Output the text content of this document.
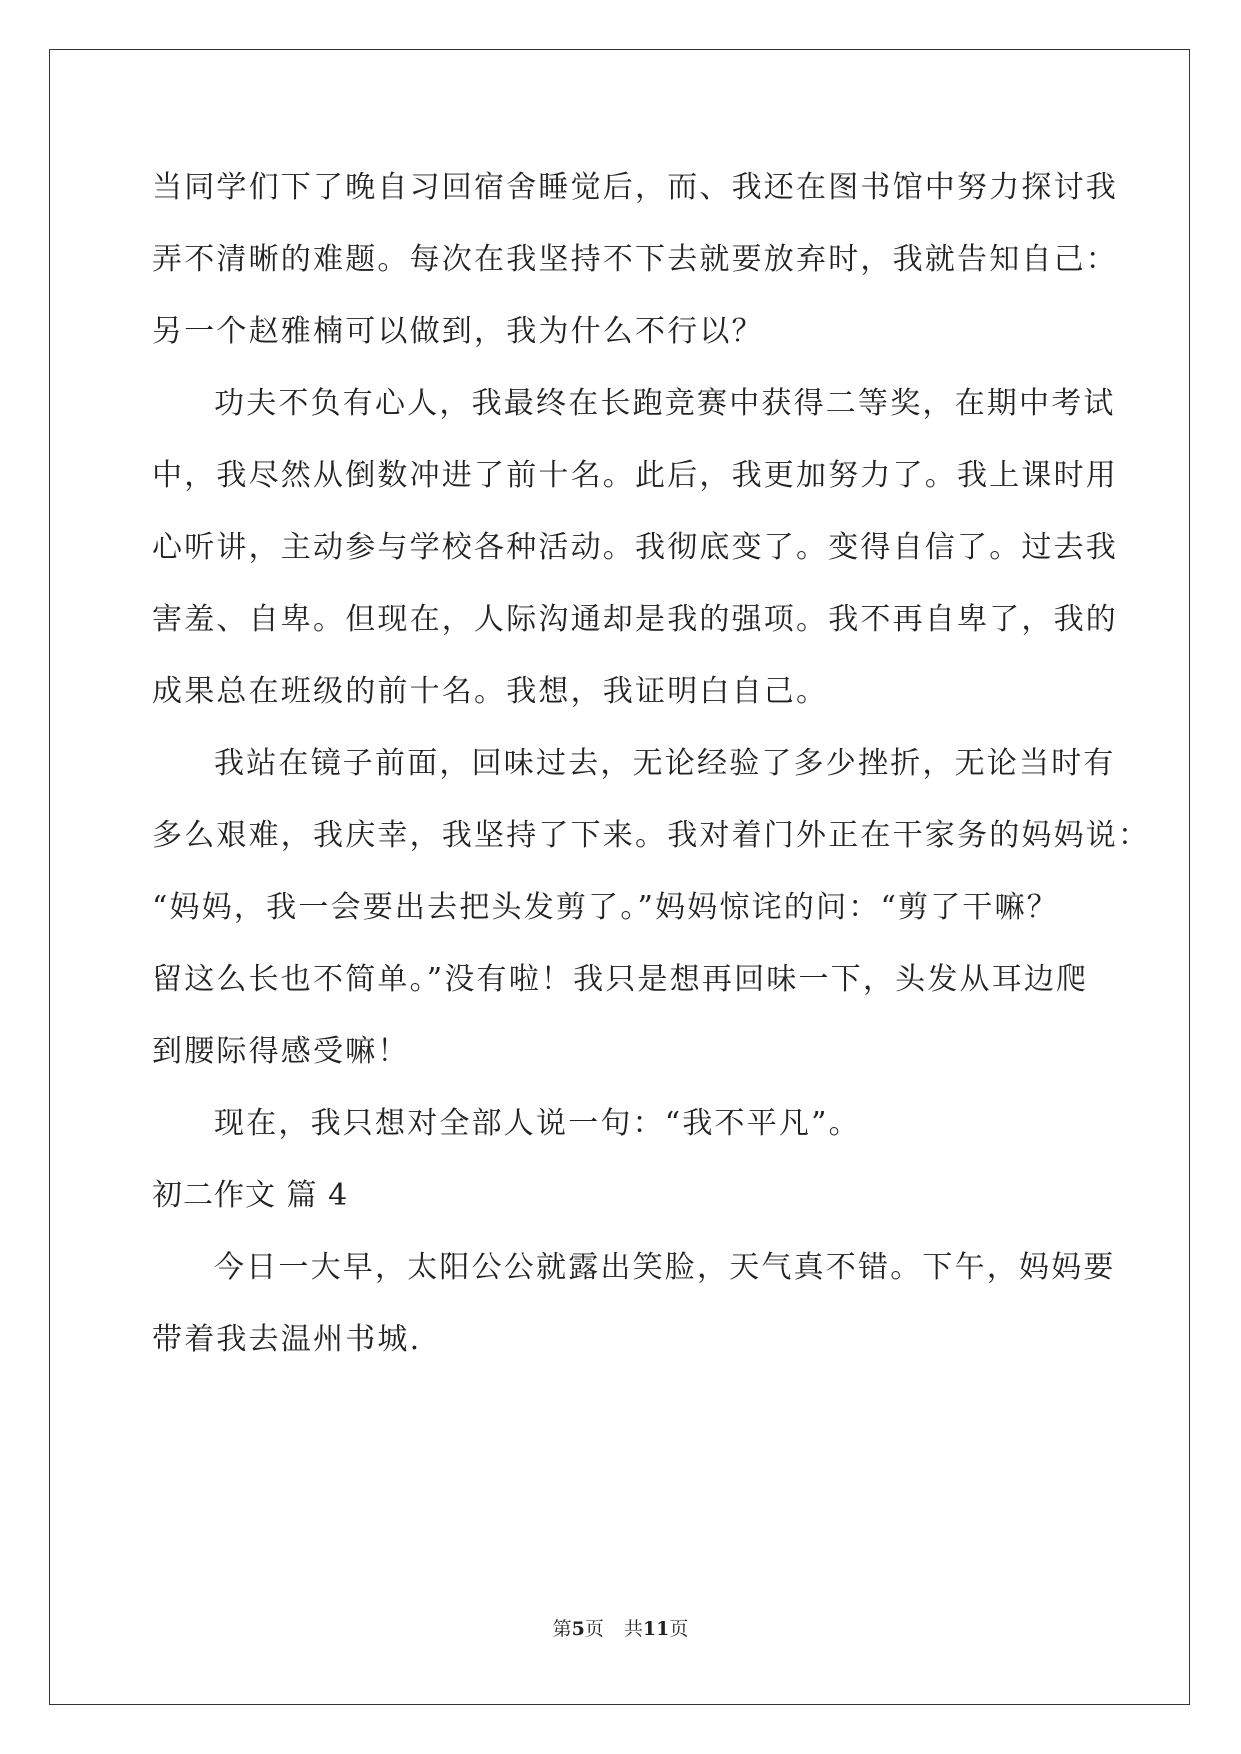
当同学们下了晚自习回宿舍睡觉后，而、我还在图书馆中努力探讨我
弄不清晰的难题。每次在我坚持不下去就要放弃时，我就告知自己：
另一个赵雅楠可以做到，我为什么不行以？
功夫不负有心人，我最终在长跑竞赛中获得二等奖，在期中考试
中，我尽然从倒数冲进了前十名。此后，我更加努力了。我上课时用
心听讲，主动参与学校各种活动。我彻底变了。变得自信了。过去我
害羞、自卑。但现在，人际沟通却是我的强项。我不再自卑了，我的
成果总在班级的前十名。我想，我证明白自己。
我站在镜子前面，回味过去，无论经验了多少挫折，无论当时有
多么艰难，我庆幸，我坚持了下来。我对着门外正在干家务的妈妈说：
“妈妈，我一会要出去把头发剪了。”妈妈惊诧的问：“剪了干嘛？
留这么长也不简单。”没有啦！我只是想再回味一下，头发从耳边爬
到腰际得感受嘛！
现在，我只想对全部人说一句：“我不平凡”。
初二作文 篇 4
今日一大早，太阳公公就露出笑脸，天气真不错。下午，妈妈要
带着我去温州书城.
第5页 共11页
